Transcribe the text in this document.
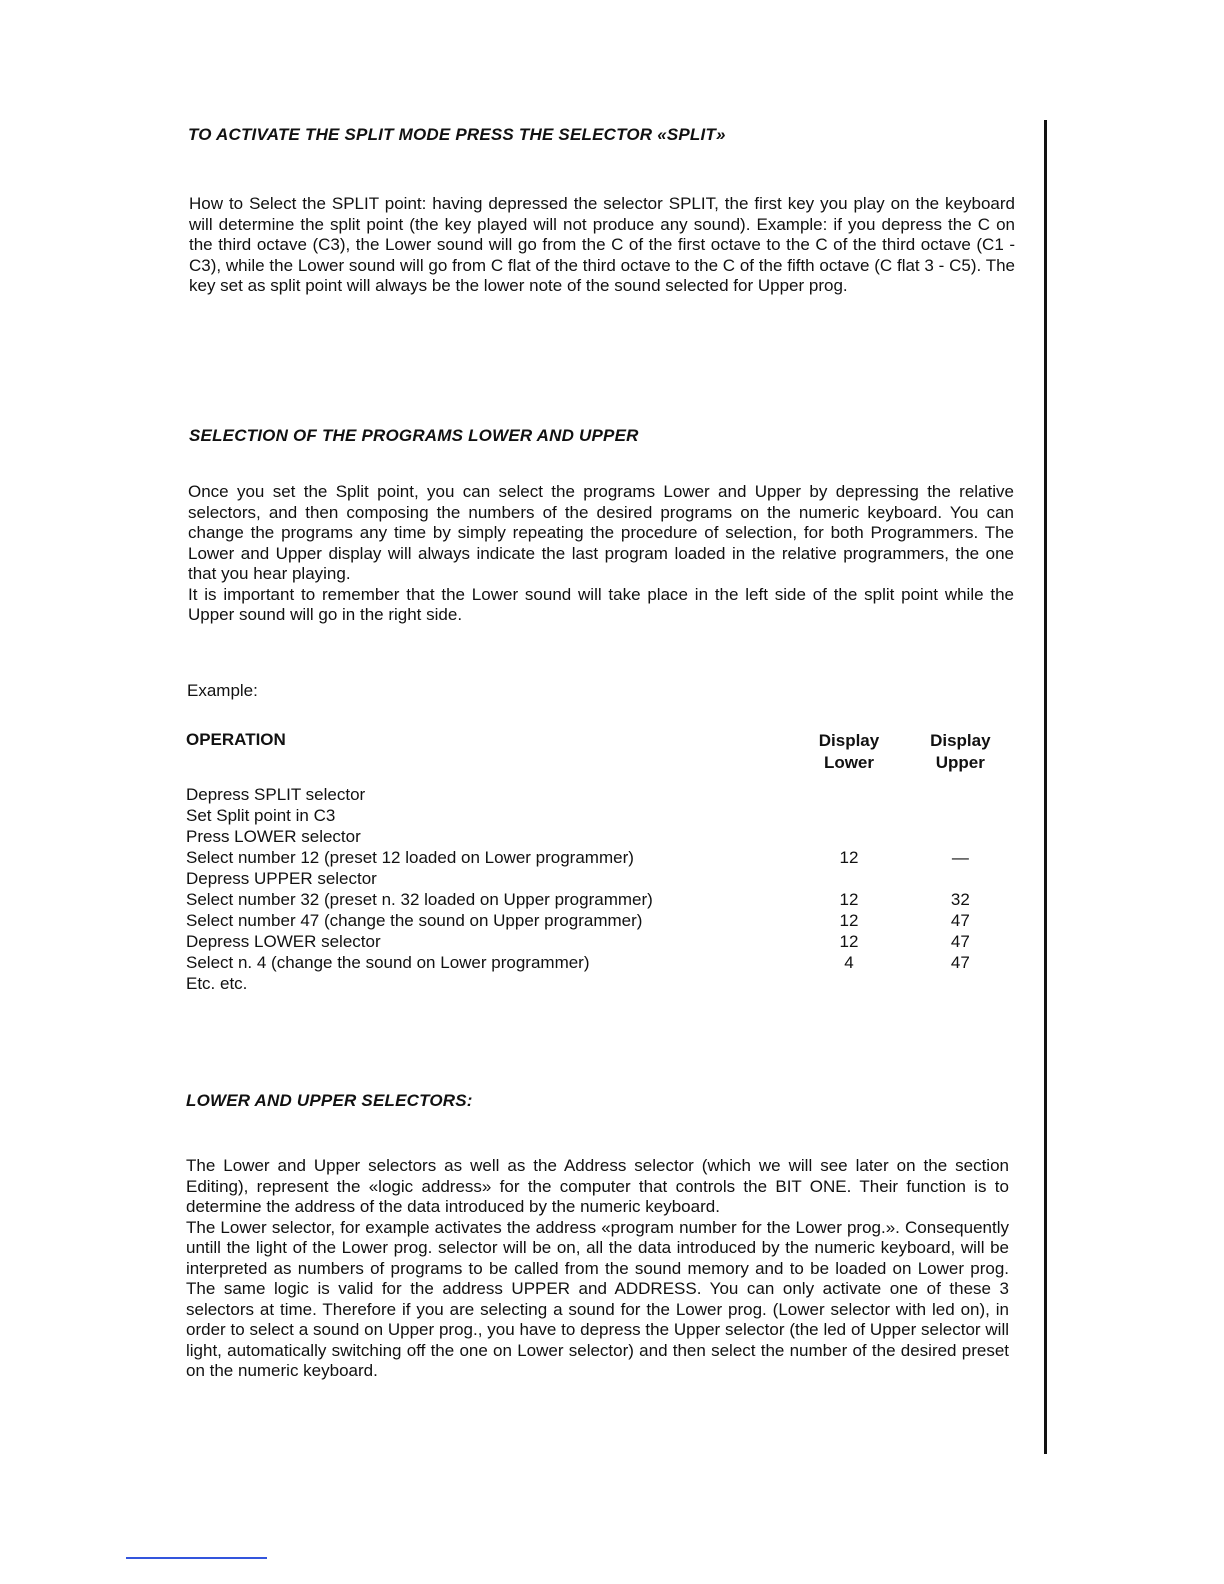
TO ACTIVATE THE SPLIT MODE PRESS THE SELECTOR «SPLIT»

How to Select the SPLIT point: having depressed the selector SPLIT, the first key you play on the keyboard will determine the split point (the key played will not produce any sound). Example: if you depress the C on the third octave (C3), the Lower sound will go from the C of the first octave to the C of the third octave (C1 - C3), while the Lower sound will go from C flat of the third octave to the C of the fifth octave (C flat 3 - C5). The key set as split point will always be the lower note of the sound selected for Upper prog.

SELECTION OF THE PROGRAMS LOWER AND UPPER

Once you set the Split point, you can select the programs Lower and Upper by depressing the relative selectors, and then composing the numbers of the desired programs on the numeric keyboard. You can change the programs any time by simply repeating the procedure of selection, for both Programmers. The Lower and Upper display will always indicate the last program loaded in the relative programmers, the one that you hear playing.

It is important to remember that the Lower sound will take place in the left side of the split point while the Upper sound will go in the right side.

Example:
OPERATION	Display Lower	Display Upper

Depress SPLIT selector		
Set Split point in C3		
Press LOWER selector		
Select number 12 (preset 12 loaded on Lower programmer)	12	—
Depress UPPER selector		
Select number 32 (preset n. 32 loaded on Upper programmer)	12	32
Select number 47 (change the sound on Upper programmer)	12	47
Depress LOWER selector	12	47
Select n. 4 (change the sound on Lower programmer)	4	47
Etc. etc.		
LOWER AND UPPER SELECTORS:

The Lower and Upper selectors as well as the Address selector (which we will see later on the section Editing), represent the «logic address» for the computer that controls the BIT ONE. Their function is to determine the address of the data introduced by the numeric keyboard.

The Lower selector, for example activates the address «program number for the Lower prog.». Consequently untill the light of the Lower prog. selector will be on, all the data introduced by the numeric keyboard, will be interpreted as numbers of programs to be called from the sound memory and to be loaded on Lower prog. The same logic is valid for the address UPPER and ADDRESS. You can only activate one of these 3 selectors at time. Therefore if you are selecting a sound for the Lower prog. (Lower selector with led on), in order to select a sound on Upper prog., you have to depress the Upper selector (the led of Upper selector will light, automatically switching off the one on Lower selector) and then select the number of the desired preset on the numeric keyboard.
